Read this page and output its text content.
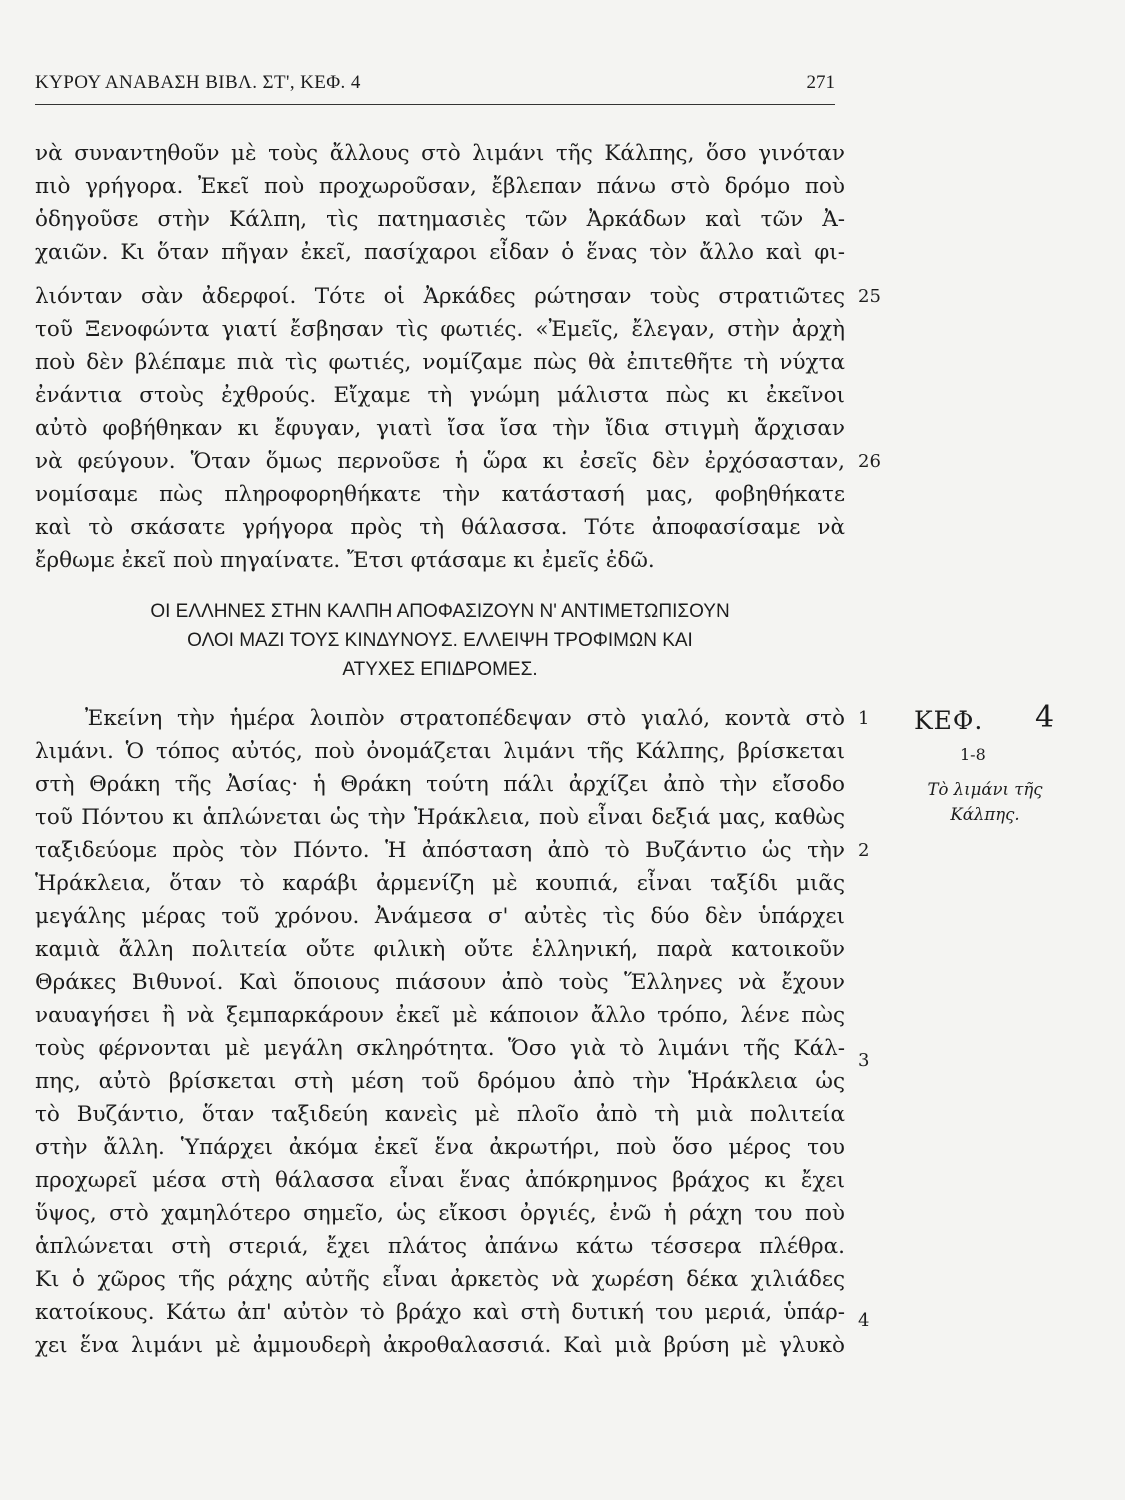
ΚΥΡΟΥ ΑΝΑΒΑΣΗ ΒΙΒΛ. ΣΤ', ΚΕΦ. 4	271
νὰ συναντηθοῦν μὲ τοὺς ἄλλους στὸ λιμάνι τῆς Κάλπης, ὅσο γινόταν
πιὸ γρήγορα. Ἐκεῖ ποὺ προχωροῦσαν, ἔβλεπαν πάνω στὸ δρόμο ποὺ
ὁδηγοῦσε στὴν Κάλπη, τὶς πατημασιὲς τῶν Ἀρκάδων καὶ τῶν Ἀ-
χαιῶν. Κι ὅταν πῆγαν ἐκεῖ, πασίχαροι εἶδαν ὁ ἕνας τὸν ἄλλο καὶ φι-
λιόνταν σὰν ἀδερφοί. Τότε οἱ Ἀρκάδες ρώτησαν τοὺς στρατιῶτες
τοῦ Ξενοφώντα γιατί ἔσβησαν τὶς φωτιές. «Ἐμεῖς, ἔλεγαν, στὴν ἀρχὴ
ποὺ δὲν βλέπαμε πιὰ τὶς φωτιές, νομίζαμε πὼς θὰ ἐπιτεθῆτε τὴ νύχτα
ἐνάντια στοὺς ἐχθρούς. Εἴχαμε τὴ γνώμη μάλιστα πὼς κι ἐκεῖνοι
αὐτὸ φοβήθηκαν κι ἔφυγαν, γιατὶ ἴσα ἴσα τὴν ἴδια στιγμὴ ἄρχισαν
νὰ φεύγουν. Ὅταν ὅμως περνοῦσε ἡ ὥρα κι ἐσεῖς δὲν ἐρχόσασταν,
νομίσαμε πὼς πληροφορηθήκατε τὴν κατάστασή μας, φοβηθήκατε
καὶ τὸ σκάσατε γρήγορα πρὸς τὴ θάλασσα. Τότε ἀποφασίσαμε νὰ
ἔρθωμε ἐκεῖ ποὺ πηγαίνατε. Ἔτσι φτάσαμε κι ἐμεῖς ἐδῶ.
25
26
ΟΙ ΕΛΛΗΝΕΣ ΣΤΗΝ ΚΑΛΠΗ ΑΠΟΦΑΣΙΖΟΥΝ Ν' ΑΝΤΙΜΕΤΩΠΙΣΟΥΝ
ΟΛΟΙ ΜΑΖΙ ΤΟΥΣ ΚΙΝΔΥΝΟΥΣ. ΕΛΛΕΙΨΗ ΤΡΟΦΙΜΩΝ ΚΑΙ
ΑΤΥΧΕΣ ΕΠΙΔΡΟΜΕΣ.
Ἐκείνη τὴν ἡμέρα λοιπὸν στρατοπέδεψαν στὸ γιαλό, κοντὰ στὸ
λιμάνι. Ὁ τόπος αὐτός, ποὺ ὀνομάζεται λιμάνι τῆς Κάλπης, βρίσκεται
στὴ Θράκη τῆς Ἀσίας· ἡ Θράκη τούτη πάλι ἀρχίζει ἀπὸ τὴν εἴσοδο
τοῦ Πόντου κι ἁπλώνεται ὡς τὴν Ἡράκλεια, ποὺ εἶναι δεξιά μας, καθὼς
ταξιδεύομε πρὸς τὸν Πόντο. Ἡ ἀπόσταση ἀπὸ τὸ Βυζάντιο ὡς τὴν
Ἡράκλεια, ὅταν τὸ καράβι ἀρμενίζη μὲ κουπιά, εἶναι ταξίδι μιᾶς
μεγάλης μέρας τοῦ χρόνου. Ἀνάμεσα σ' αὐτὲς τὶς δύο δὲν ὑπάρχει
καμιὰ ἄλλη πολιτεία οὔτε φιλικὴ οὔτε ἑλληνική, παρὰ κατοικοῦν
Θράκες Βιθυνοί. Καὶ ὅποιους πιάσουν ἀπὸ τοὺς Ἕλληνες νὰ ἔχουν
ναυαγήσει ἢ νὰ ξεμπαρκάρουν ἐκεῖ μὲ κάποιον ἄλλο τρόπο, λένε πὼς
τοὺς φέρνονται μὲ μεγάλη σκληρότητα. Ὅσο γιὰ τὸ λιμάνι τῆς Κάλ-
πης, αὐτὸ βρίσκεται στὴ μέση τοῦ δρόμου ἀπὸ τὴν Ἡράκλεια ὡς
τὸ Βυζάντιο, ὅταν ταξιδεύη κανεὶς μὲ πλοῖο ἀπὸ τὴ μιὰ πολιτεία
στὴν ἄλλη. Ὑπάρχει ἀκόμα ἐκεῖ ἕνα ἀκρωτήρι, ποὺ ὅσο μέρος του
προχωρεῖ μέσα στὴ θάλασσα εἶναι ἕνας ἀπόκρημνος βράχος κι ἔχει
ὕψος, στὸ χαμηλότερο σημεῖο, ὡς εἴκοσι ὀργιές, ἐνῶ ἡ ράχη του ποὺ
ἁπλώνεται στὴ στεριά, ἔχει πλάτος ἀπάνω κάτω τέσσερα πλέθρα.
Κι ὁ χῶρος τῆς ράχης αὐτῆς εἶναι ἀρκετὸς νὰ χωρέση δέκα χιλιάδες
κατοίκους. Κάτω ἀπ' αὐτὸν τὸ βράχο καὶ στὴ δυτική του μεριά, ὑπάρ-
χει ἕνα λιμάνι μὲ ἀμμουδερὴ ἀκροθαλασσιά. Καὶ μιὰ βρύση μὲ γλυκὸ
1
2
3
4
ΚΕΦ. 4
1-8
Τὸ λιμάνι τῆς Κάλπης.
